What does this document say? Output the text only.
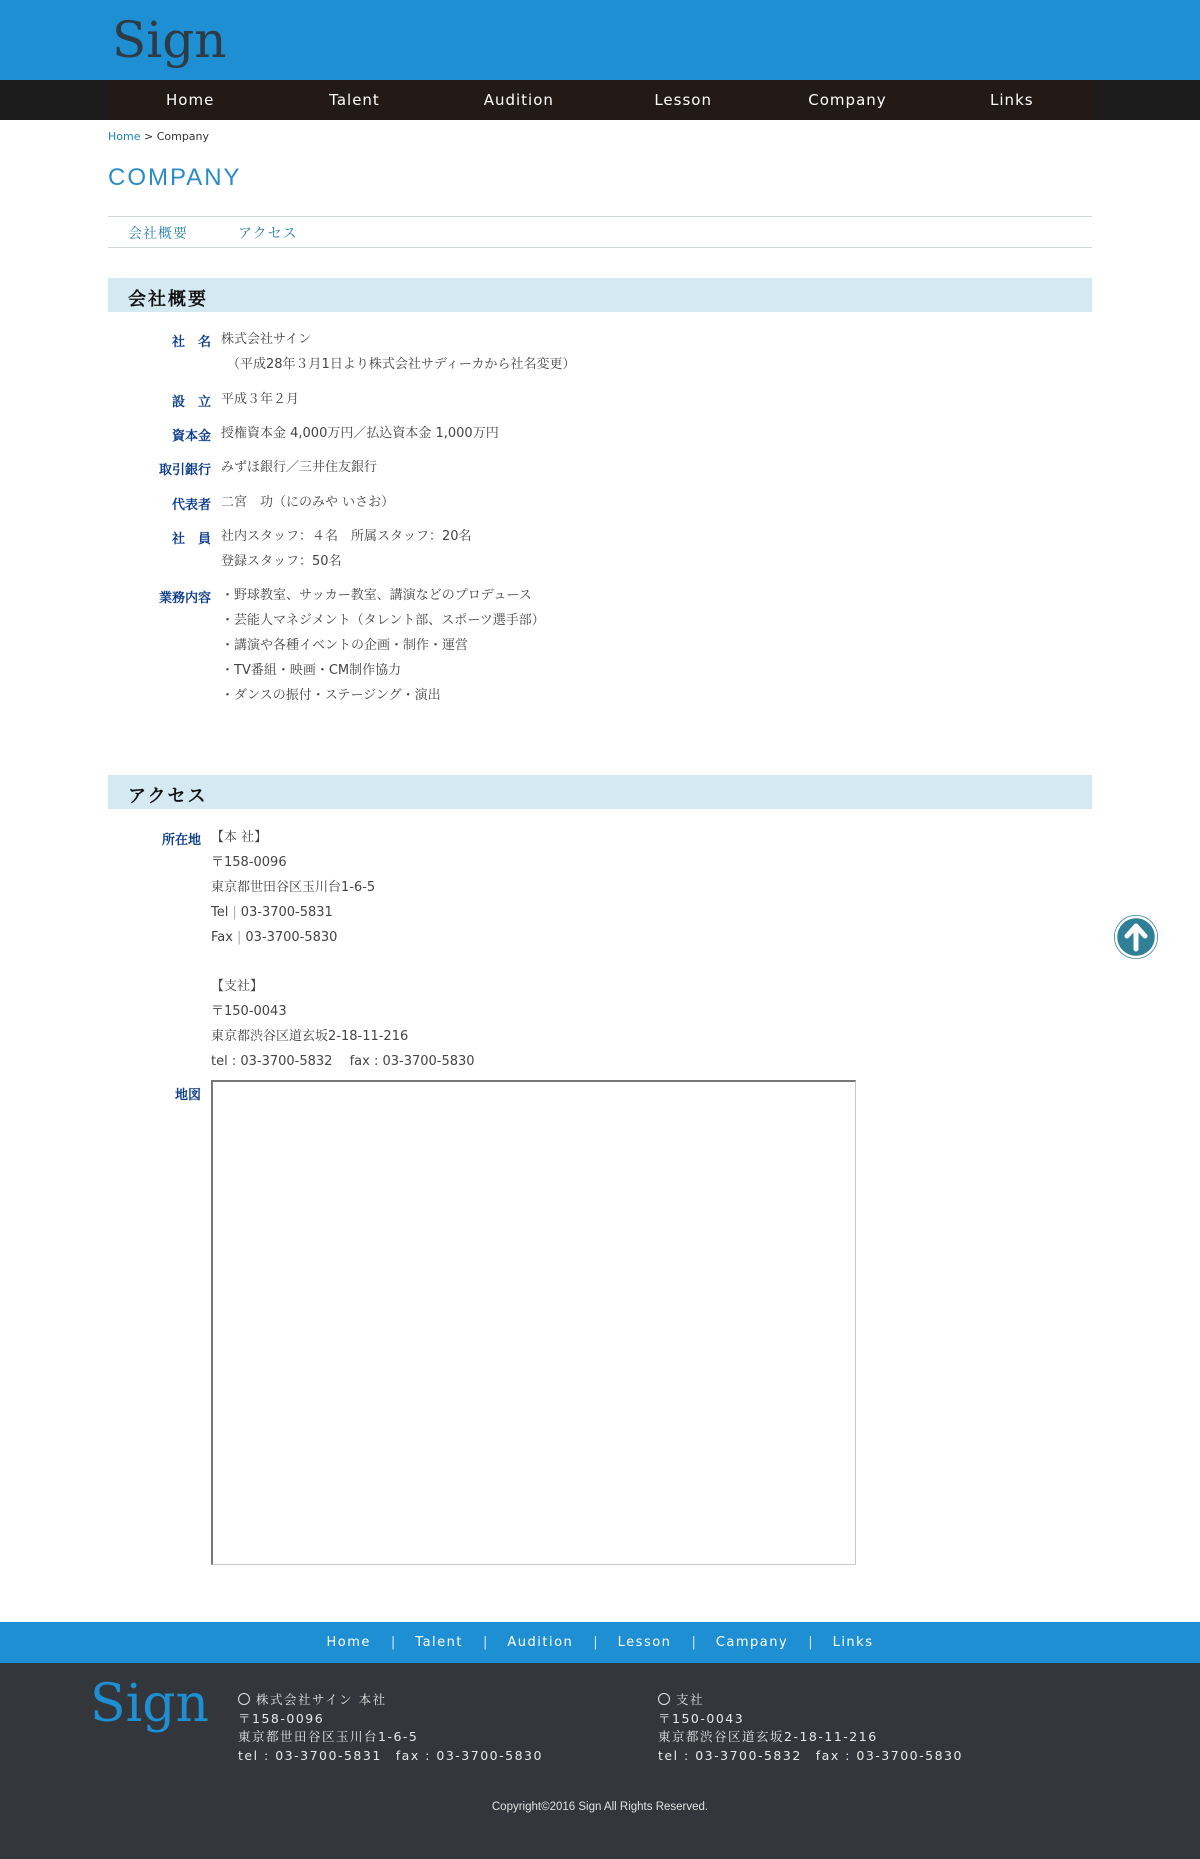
Sign
Home	Talent	Audition	Lesson	Company	Links
Home > Company
COMPANY
会社概要	アクセス
会社概要
社　名 株式会社サイン
（平成28年３月1日より株式会社サディーカから社名変更）
設　立 平成３年２月
資本金 授権資本金 4,000万円／払込資本金 1,000万円
取引銀行 みずほ銀行／三井住友銀行
代表者 二宮　功（にのみや いさお）
社　員 社内スタッフ：４名　所属スタッフ：20名
登録スタッフ：50名
業務内容 ・野球教室、サッカー教室、講演などのプロデュース
・芸能人マネジメント（タレント部、スポーツ選手部）
・講演や各種イベントの企画・制作・運営
・TV番組・映画・CM制作協力
・ダンスの振付・ステージング・演出
アクセス
所在地 【本 社】
〒158-0096
東京都世田谷区玉川台1-6-5
Tel | 03-3700-5831
Fax | 03-3700-5830
【支社】
〒150-0043
東京都渋谷区道玄坂2-18-11-216
tel : 03-3700-5832　 fax : 03-3700-5830
地図
Home | Talent | Audition | Lesson | Campany | Links
Sign	株式会社サイン 本社
〒158-0096
東京都世田谷区玉川台1-6-5
tel : 03-3700-5831　fax : 03-3700-5830
支社
〒150-0043
東京都渋谷区道玄坂2-18-11-216
tel : 03-3700-5832　fax : 03-3700-5830
Copyright©2016 Sign All Rights Reserved.
